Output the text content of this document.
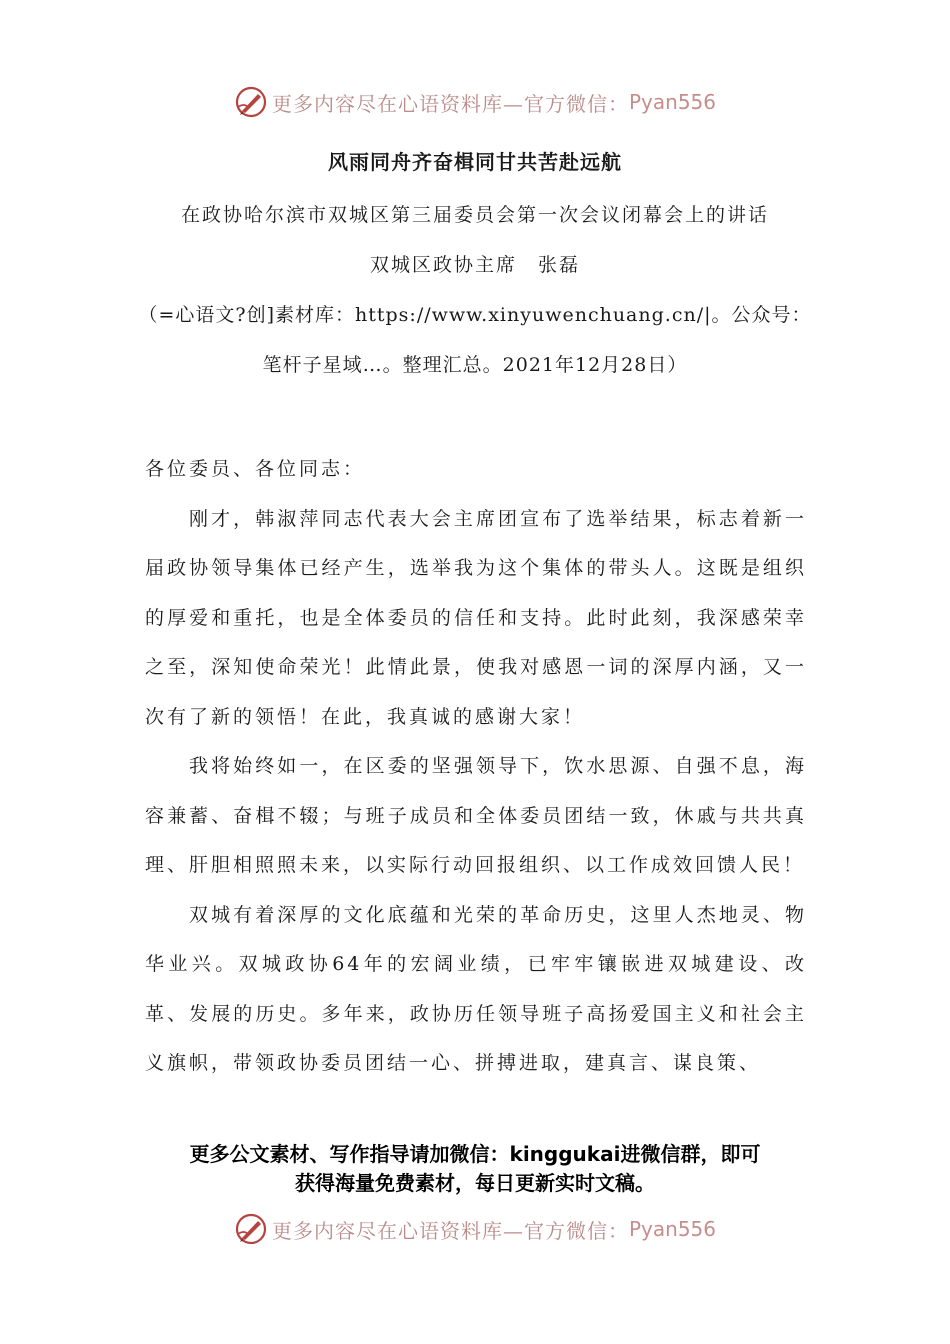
更多内容尽在心语资料库—官方微信： Pyan556
风雨同舟齐奋楫同甘共苦赴远航
在政协哈尔滨市双城区第三届委员会第一次会议闭幕会上的讲话
双城区政协主席　张磊
（=心语文?创]素材库：https://www.xinyuwenchuang.cn/|。公众号：
笔杆子星域…。整理汇总。2021年12月28日）

各位委员、各位同志：

刚才，韩淑萍同志代表大会主席团宣布了选举结果，标志着新一届政协领导集体已经产生，选举我为这个集体的带头人。这既是组织的厚爱和重托，也是全体委员的信任和支持。此时此刻，我深感荣幸之至，深知使命荣光！此情此景，使我对感恩一词的深厚内涵，又一次有了新的领悟！在此，我真诚的感谢大家！

我将始终如一，在区委的坚强领导下，饮水思源、自强不息，海容兼蓄、奋楫不辍；与班子成员和全体委员团结一致，休戚与共共真理、肝胆相照照未来，以实际行动回报组织、以工作成效回馈人民！

双城有着深厚的文化底蕴和光荣的革命历史，这里人杰地灵、物华业兴。双城政协64年的宏阔业绩，已牢牢镶嵌进双城建设、改革、发展的历史。多年来，政协历任领导班子高扬爱国主义和社会主义旗帜，带领政协委员团结一心、拼搏进取，建真言、谋良策、

更多公文素材、写作指导请加微信：kinggukai进微信群，即可
获得海量免费素材，每日更新实时文稿。
更多内容尽在心语资料库—官方微信： Pyan556
